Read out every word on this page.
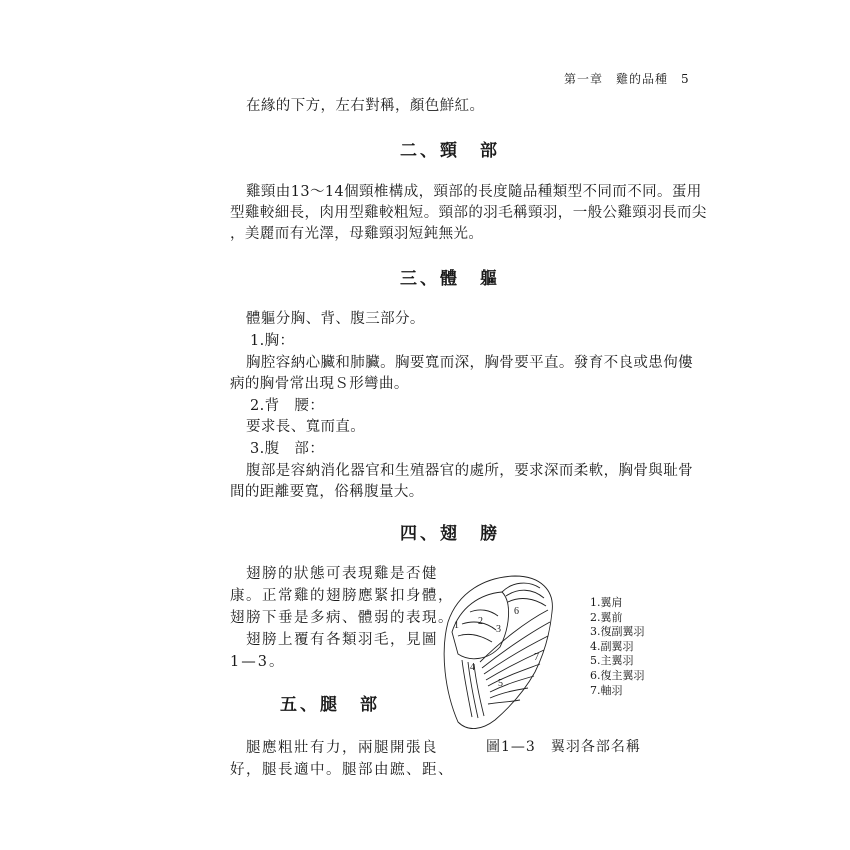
第一章　雞的品種　5
在緣的下方，左右對稱，顏色鮮紅。
二、頸　部
雞頸由13～14個頸椎構成，頸部的長度隨品種類型不同而不同。蛋用
型雞較細長，肉用型雞較粗短。頸部的羽毛稱頸羽，一般公雞頸羽長而尖
，美麗而有光澤，母雞頸羽短鈍無光。
三、體　軀
體軀分胸、背、腹三部分。
1.胸：
胸腔容納心臟和肺臟。胸要寬而深，胸骨要平直。發育不良或患佝僂
病的胸骨常出現Ｓ形彎曲。
2.背　腰：
要求長、寬而直。
3.腹　部：
腹部是容納消化器官和生殖器官的處所，要求深而柔軟，胸骨與耻骨
間的距離要寬，俗稱腹量大。
四、翅　膀
翅膀的狀態可表現雞是否健
康。正常雞的翅膀應緊扣身體，
翅膀下垂是多病、體弱的表現。
翅膀上覆有各類羽毛，見圖
1—3。
五、腿　部
腿應粗壯有力，兩腿開張良
好，腿長適中。腿部由蹠、距、
1 2
3
4
5
6
7
1.翼肩
2.翼前
3.復副翼羽
4.副翼羽
5.主翼羽
6.復主翼羽
7.軸羽
圖1—3　翼羽各部名稱
